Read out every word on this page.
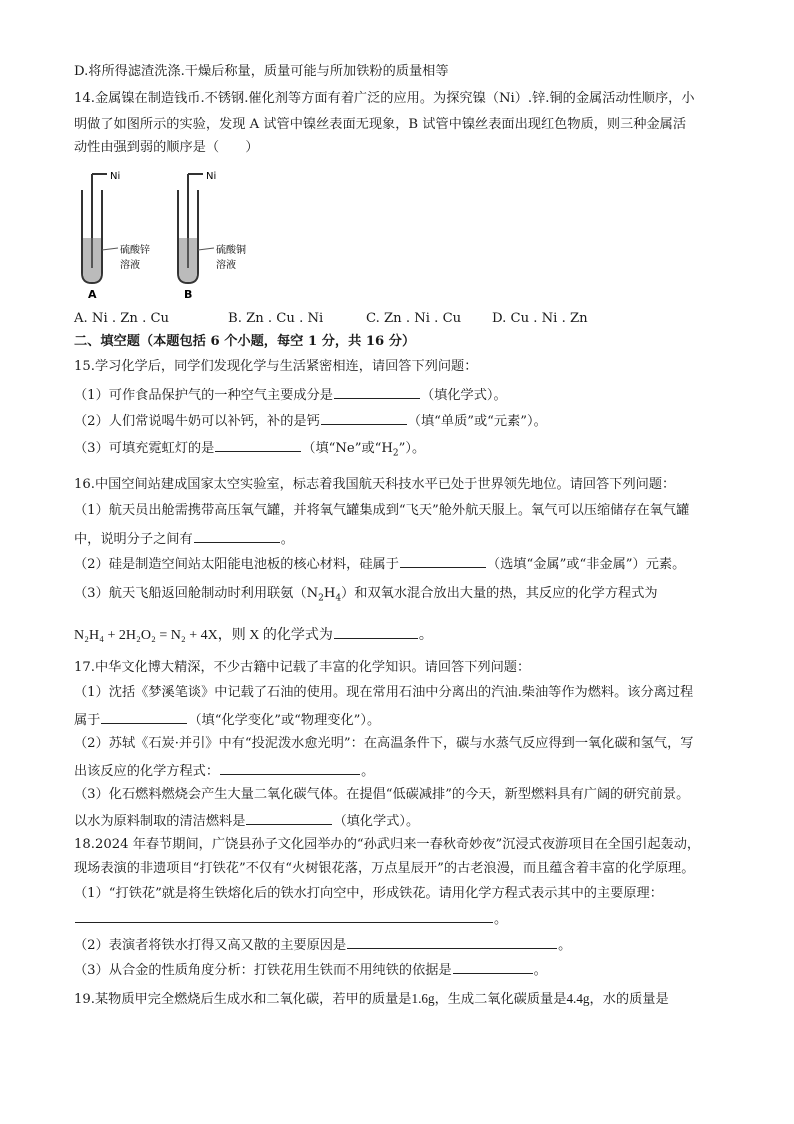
D.将所得滤渣洗涤.干燥后称量，质量可能与所加铁粉的质量相等
14.金属镍在制造钱币.不锈钢.催化剂等方面有着广泛的应用。为探究镍（Ni）.锌.铜的金属活动性顺序，小
明做了如图所示的实验，发现 A 试管中镍丝表面无现象，B 试管中镍丝表面出现红色物质，则三种金属活
动性由强到弱的顺序是（　　）
Ni
硫酸锌
溶液
A
Ni
硫酸铜
溶液
B
A. Ni . Zn . Cu	B. Zn . Cu . Ni	C. Zn . Ni . Cu D. Cu . Ni . Zn
二、填空题（本题包括 6 个小题，每空 1 分，共 16 分）
15.学习化学后，同学们发现化学与生活紧密相连，请回答下列问题：
（1）可作食品保护气的一种空气主要成分是	（填化学式）。
（2）人们常说喝牛奶可以补钙，补的是钙	（填“单质”或“元素”）。
（3）可填充霓虹灯的是	（填“Ne”或“$H_2$”）。
16.中国空间站建成国家太空实验室，标志着我国航天科技水平已处于世界领先地位。请回答下列问题：
（1）航天员出舱需携带高压氧气罐，并将氧气罐集成到“飞天”舱外航天服上。氧气可以压缩储存在氧气罐
中，说明分子之间有	。
（2）硅是制造空间站太阳能电池板的核心材料，硅属于	（选填“金属”或“非金属”）元素。
（3）航天飞船返回舱制动时利用联氨$(N_2H_4)$和双氧水混合放出大量的热，其反应的化学方程式为
N₂H₄ + 2H₂O₂ = N₂ + 4X，则 X 的化学式为	。
17.中华文化博大精深，不少古籍中记载了丰富的化学知识。请回答下列问题：
（1）沈括《梦溪笔谈》中记载了石油的使用。现在常用石油中分离出的汽油.柴油等作为燃料。该分离过程
属于	（填“化学变化”或“物理变化”）。
（2）苏轼《石炭·并引》中有“投泥泼水愈光明”：在高温条件下，碳与水蒸气反应得到一氧化碳和氢气，写
出该反应的化学方程式：	。
（3）化石燃料燃烧会产生大量二氧化碳气体。在提倡“低碳减排”的今天，新型燃料具有广阔的研究前景。
以水为原料制取的清洁燃料是	（填化学式）。
18.2024 年春节期间，广饶县孙子文化园举办的“孙武归来一春秋奇妙夜”沉浸式夜游项目在全国引起轰动，
现场表演的非遗项目“打铁花”不仅有“火树银花落，万点星辰开”的古老浪漫，而且蕴含着丰富的化学原理。
（1）“打铁花”就是将生铁熔化后的铁水打向空中，形成铁花。请用化学方程式表示其中的主要原理：
。
（2）表演者将铁水打得又高又散的主要原因是	。
（3）从合金的性质角度分析：打铁花用生铁而不用纯铁的依据是	。
19.某物质甲完全燃烧后生成水和二氧化碳，若甲的质量是1.6g，生成二氧化碳质量是4.4g，水的质量是
